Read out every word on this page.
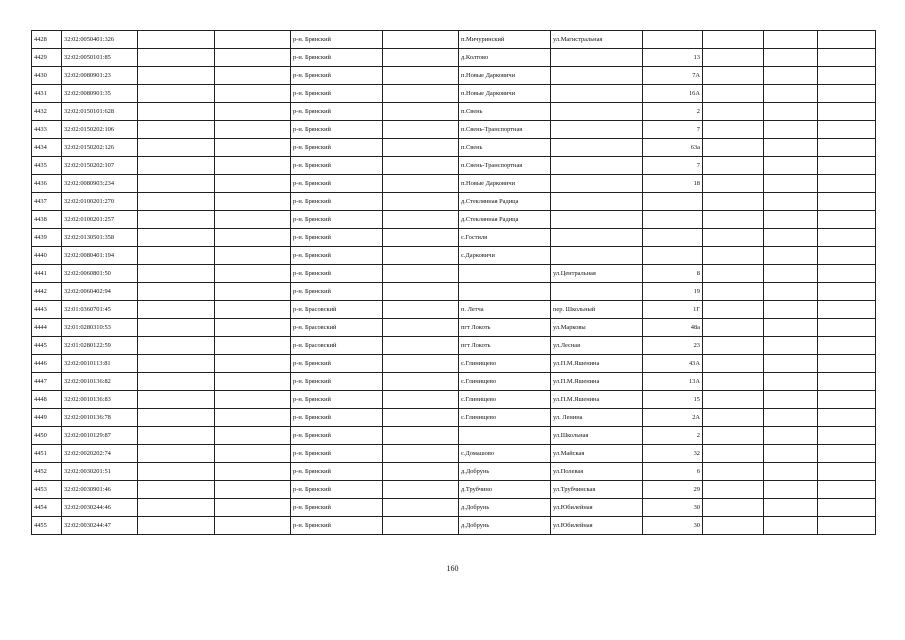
4428	32:02:0050401:326			р-н. Брянский		п.Мичуринский	ул.Магистральная				
4429	32:02:0050101:85			р-н. Брянский		д.Колтово		13			
4430	32:02:0080901:23			р-н. Брянский		п.Новые Дарковичи		7А			
4431	32:02:0080901:35			р-н. Брянский		п.Новые Дарковичи		16А			
4432	32:02:0150101:628			р-н. Брянский		п.Свень		2			
4433	32:02:0150202:106			р-н. Брянский		п.Свень-Транспортная		7			
4434	32:02:0150202:126			р-н. Брянский		п.Свень		63а			
4435	32:02:0150202:107			р-н. Брянский		п.Свень-Транспортная		7			
4436	32:02:0080903:234			р-н. Брянский		п.Новые Дарковичи		18			
4437	32:02:0100201:270			р-н. Брянский		д.Стеклянная Радица					
4438	32:02:0100201:257			р-н. Брянский		д.Стеклянная Радица					
4439	32:02:0130501:358			р-н. Брянский		с.Гостиля					
4440	32:02:0080401:194			р-н. Брянский		с.Дарковичи					
4441	32:02:0060801:50			р-н. Брянский			ул.Центральная	8			
4442	32:02:0060402:94			р-н. Брянский				19			
4443	32:01:0360701:45			р-н. Брасовский		п. Летча	пер. Школьный	1Г			
4444	32:01:0280310:53			р-н. Брасовский		пгт Локоть	ул.Марковы	48а			
4445	32:01:0280122:59			р-н. Брасовский		пгт Локоть	ул.Лесная	23			
4446	32:02:0010113:81			р-н. Брянский		с.Глинищево	ул.П.М.Яшенина	43А			
4447	32:02:0010136:82			р-н. Брянский		с.Глинищево	ул.П.М.Яшенина	13А			
4448	32:02:0010136:83			р-н. Брянский		с.Глинищево	ул.П.М.Яшенина	15			
4449	32:02:0010136:78			р-н. Брянский		с.Глинищево	ул. Ленина	2А			
4450	32:02:0010129:87			р-н. Брянский			ул.Школьная	2			
4451	32:02:0020202:74			р-н. Брянский		с.Домашово	ул.Майская	32			
4452	32:02:0030201:51			р-н. Брянский		д.Добрунь	ул.Полевая	6			
4453	32:02:0030901:46			р-н. Брянский		д.Трубчино	ул.Трубчинская	29			
4454	32:02:0030244:46			р-н. Брянский		д.Добрунь	ул.Юбилейная	30			
4455	32:02:0030244:47			р-н. Брянский		д.Добрунь	ул.Юбилейная	30			
160
